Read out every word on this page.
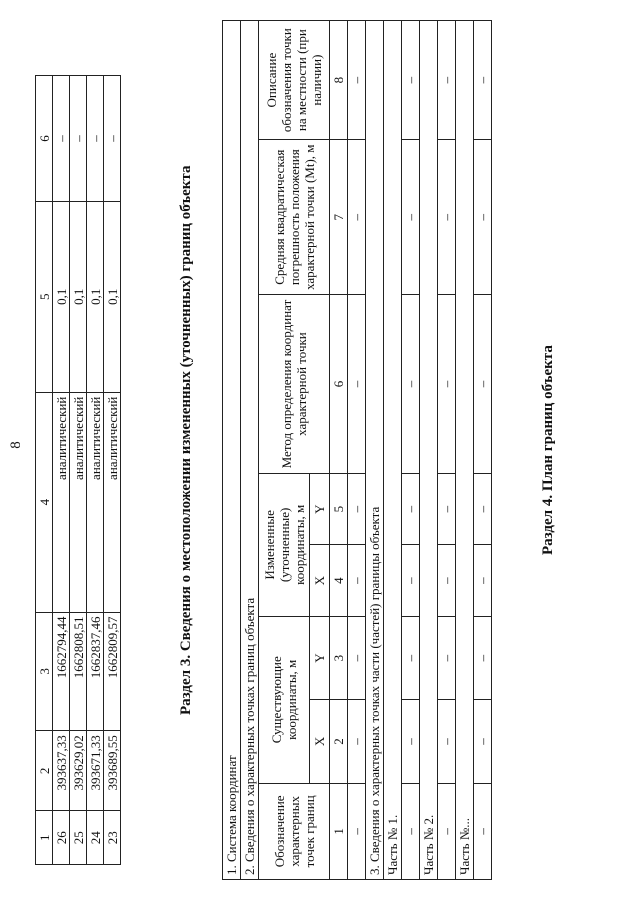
8
1	2	3	4	5	6
26	393637,33	1662794,44	аналитический	0,1	–
25	393629,02	1662808,51	аналитический	0,1	–
24	393671,33	1662837,46	аналитический	0,1	–
23	393689,55	1662809,57	аналитический	0,1	–
Раздел 3. Сведения о местоположении измененных (уточненных) границ объекта
1. Система координат							
2. Сведения о характерных точках границ объекта							
Обозначение характерных точек границ	Существующие координаты, м		Измененные (уточненные) координаты, м		Метод определения координат характерной точки	Средняя квадратическая погрешность положения характерной точки (Mt), м	Описание обозначения точки на местности (при наличии)
	X	Y	X	Y			
1	2	3	4	5	6	7	8
–	–	–	–	–	–	–	–
3. Сведения о характерных точках части (частей) границы объекта							
Часть № 1.							
–	–	–	–	–	–	–	–
Часть № 2.							
–	–	–	–	–	–	–	–
Часть №...							
–	–	–	–	–	–	–	–
Раздел 4. План границ объекта
